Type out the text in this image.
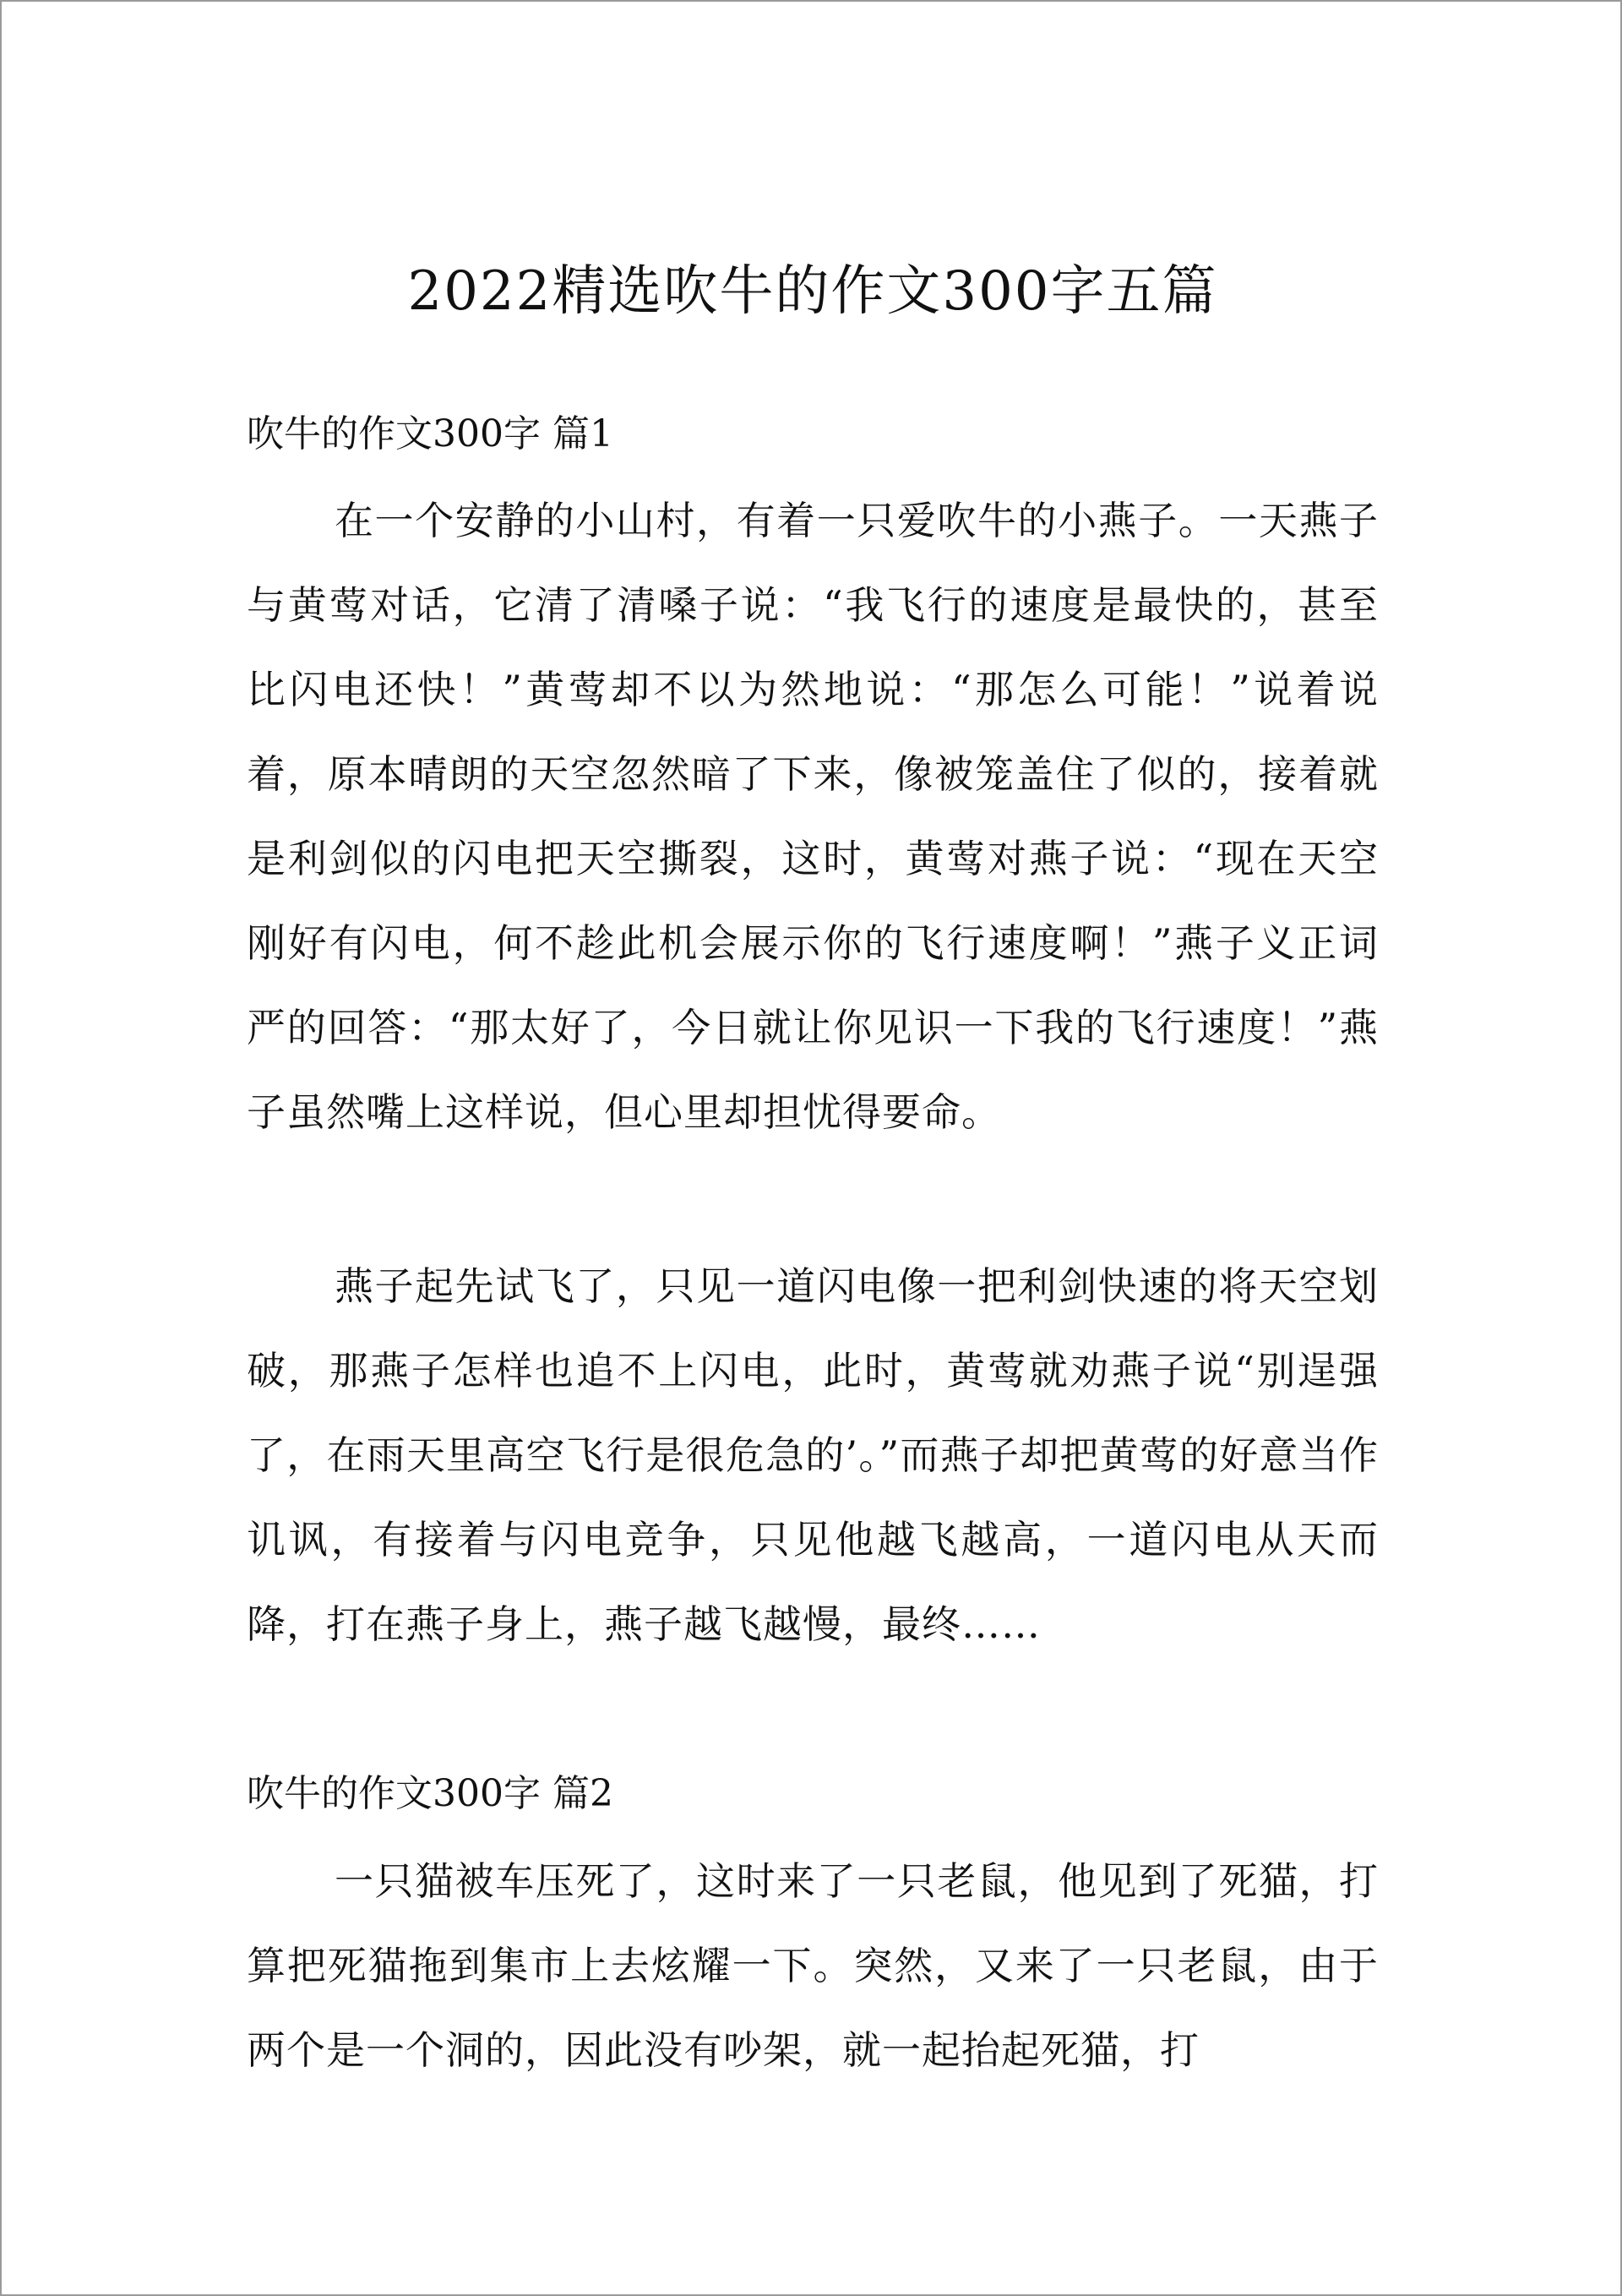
2022精选吹牛的作文300字五篇
吹牛的作文300字 篇1

在一个安静的小山村，有着一只爱吹牛的小燕子。一天燕子与黄莺对话，它清了清嗓子说：“我飞行的速度是最快的，甚至比闪电还快！”黄莺却不以为然地说：“那怎么可能！”说着说着，原本晴朗的天空忽然暗了下来，像被笼盖住了似的，接着就是利剑似的闪电把天空撕裂，这时，黄莺对燕子说：“现在天空刚好有闪电，何不趁此机会展示你的飞行速度啊！”燕子义正词严的回答：“那太好了，今日就让你见识一下我的飞行速度！”燕子虽然嘴上这样说，但心里却担忧得要命。

燕子起先试飞了，只见一道闪电像一把利剑快速的将天空划破，那燕子怎样也追不上闪电，此时，黄莺就劝燕子说“别逞强了，在雨天里高空飞行是很危急的’。”而燕子却把黄莺的好意当作讥讽，有接着与闪电竞争，只见他越飞越高，一道闪电从天而降，打在燕子身上，燕子越飞越慢，最终……

吹牛的作文300字 篇2

一只猫被车压死了，这时来了一只老鼠，他见到了死猫，打算把死猫拖到集市上去炫耀一下。突然，又来了一只老鼠，由于两个是一个洞的，因此没有吵架，就一起抬起死猫，打
